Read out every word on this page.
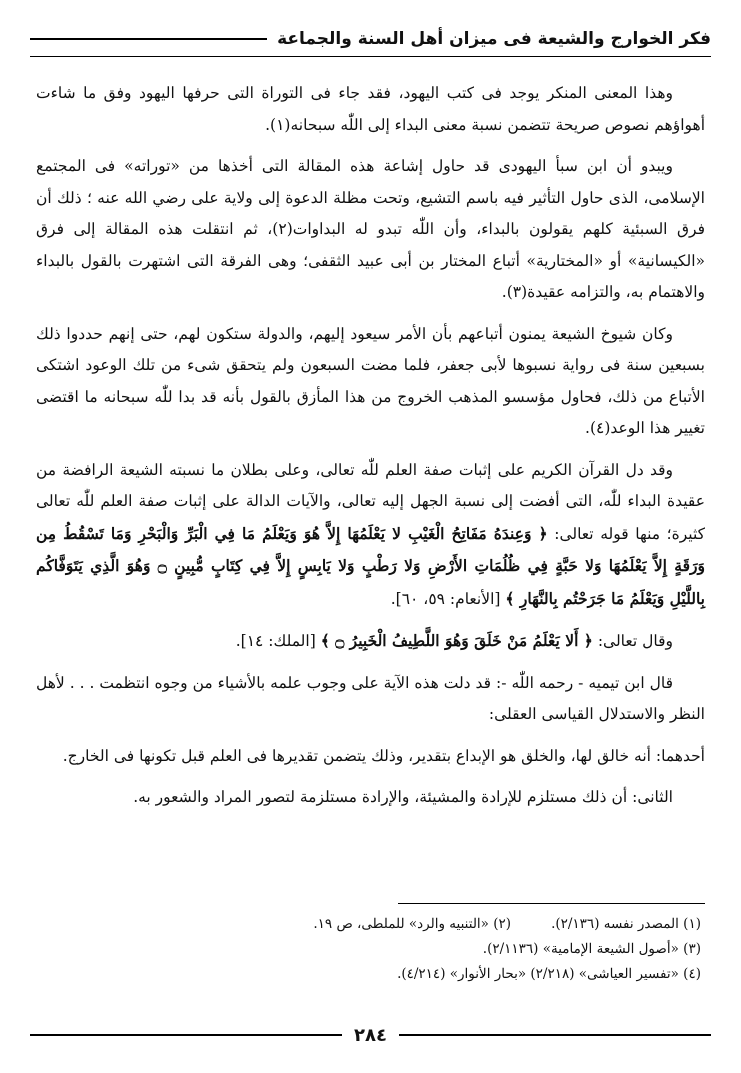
فكر الخوارج والشيعة فى ميزان أهل السنة والجماعة

وهذا المعنى المنكر يوجد فى كتب اليهود، فقد جاء فى التوراة التى حرفها اليهود وفق ما شاءت أهواؤهم نصوص صريحة تتضمن نسبة معنى البداء إلى اللّٰه سبحانه(١).

ويبدو أن ابن سبأ اليهودى قد حاول إشاعة هذه المقالة التى أخذها من «توراته» فى المجتمع الإسلامى، الذى حاول التأثير فيه باسم التشيع، وتحت مظلة الدعوة إلى ولاية على رضي الله عنه ؛ ذلك أن فرق السبئية كلهم يقولون بالبداء، وأن اللّٰه تبدو له البداوات(٢)، ثم انتقلت هذه المقالة إلى فرق «الكيسانية» أو «المختارية» أتباع المختار بن أبى عبيد الثقفى؛ وهى الفرقة التى اشتهرت بالقول بالبداء والاهتمام به، والتزامه عقيدة(٣).

وكان شيوخ الشيعة يمنون أتباعهم بأن الأمر سيعود إليهم، والدولة ستكون لهم، حتى إنهم حددوا ذلك بسبعين سنة فى رواية نسبوها لأبى جعفر، فلما مضت السبعون ولم يتحقق شىء من تلك الوعود اشتكى الأتباع من ذلك، فحاول مؤسسو المذهب الخروج من هذا المأزق بالقول بأنه قد بدا للّٰه سبحانه ما اقتضى تغيير هذا الوعد(٤).

وقد دل القرآن الكريم على إثبات صفة العلم للّٰه تعالى، وعلى بطلان ما نسبته الشيعة الرافضة من عقيدة البداء للّٰه، التى أفضت إلى نسبة الجهل إليه تعالى، والآيات الدالة على إثبات صفة العلم للّٰه تعالى كثيرة؛ منها قوله تعالى: ﴿ وَعِندَهُ مَفَاتِحُ الْغَيْبِ لا يَعْلَمُهَا إِلاَّ هُوَ وَيَعْلَمُ مَا فِي الْبَرِّ وَالْبَحْرِ وَمَا تَسْقُطُ مِن وَرَقَةٍ إِلاَّ يَعْلَمُهَا وَلا حَبَّةٍ فِي ظُلُمَاتِ الأَرْضِ وَلا رَطْبٍ وَلا يَابِسٍ إِلاَّ فِي كِتَابٍ مُّبِينٍ ۝ وَهُوَ الَّذِي يَتَوَفَّاكُم بِاللَّيْلِ وَيَعْلَمُ مَا جَرَحْتُم بِالنَّهَارِ ﴾ [الأنعام: ٥٩، ٦٠].

وقال تعالى: ﴿ أَلا يَعْلَمُ مَنْ خَلَقَ وَهُوَ اللَّطِيفُ الْخَبِيرُ ۝ ﴾ [الملك: ١٤].

قال ابن تيميه - رحمه اللّٰه -: قد دلت هذه الآية على وجوب علمه بالأشياء من وجوه انتظمت . . . لأهل النظر والاستدلال القياسى العقلى:

أحدهما: أنه خالق لها، والخلق هو الإبداع بتقدير، وذلك يتضمن تقديرها فى العلم قبل تكونها فى الخارج.

الثانى: أن ذلك مستلزم للإرادة والمشيئة، والإرادة مستلزمة لتصور المراد والشعور به.

(١) المصدر نفسه (٢/١٣٦).
(٢) «التنبيه والرد» للملطى، ص ١٩.
(٣) «أصول الشيعة الإمامية» (٢/١١٣٦).
(٤) «تفسير العياشى» (٢/٢١٨) «بحار الأنوار» (٤/٢١٤).
٢٨٤
